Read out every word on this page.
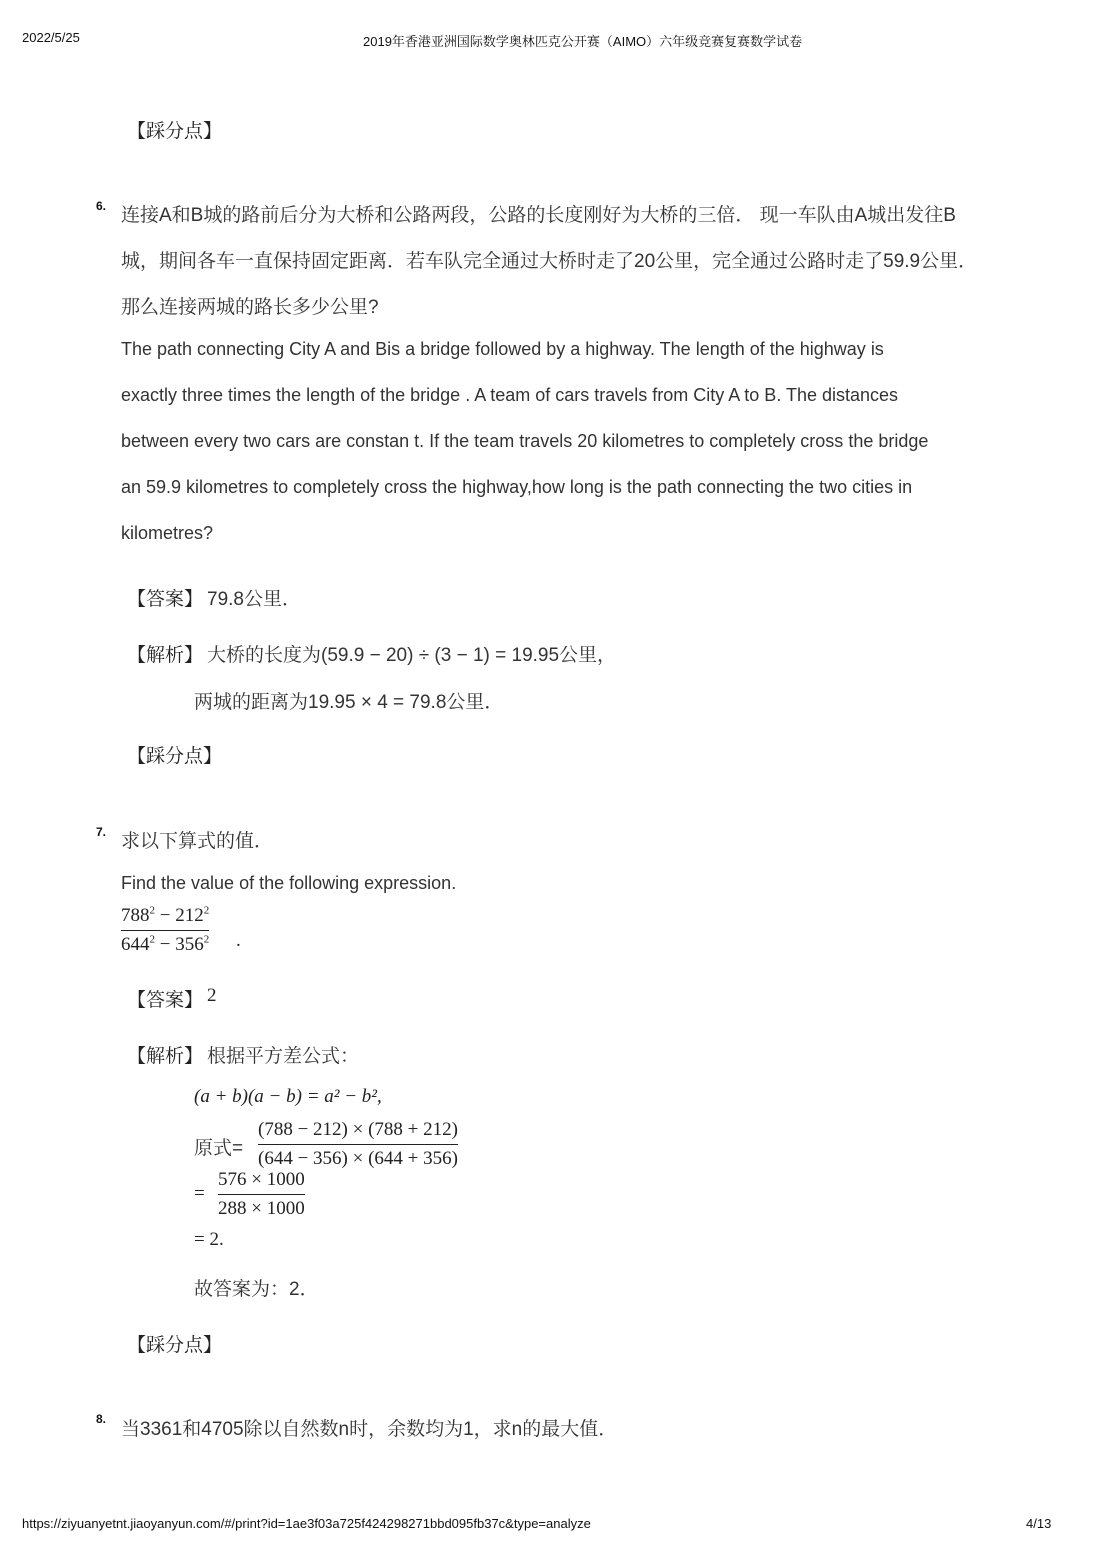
2022/5/25	2019年香港亚洲国际数学奥林匹克公开赛（AIMO）六年级竞赛复赛数学试卷
【踩分点】
6. 连接A和B城的路前后分为大桥和公路两段，公路的长度刚好为大桥的三倍． 现一车队由A城出发往B
城，期间各车一直保持固定距离．若车队完全通过大桥时走了20公里，完全通过公路时走了59.9公里．
那么连接两城的路长多少公里?
The path connecting City A and Bis a bridge followed by a highway. The length of the highway is
exactly three times the length of the bridge . A team of cars travels from City A to B. The distances
between every two cars are constan t. If the team travels 20 kilometres to completely cross the bridge
an 59.9 kilometres to completely cross the highway,how long is the path connecting the two cities in
kilometres?
【答案】 79.8公里．
【解析】 大桥的长度为(59.9 − 20) ÷ (3 − 1) = 19.95公里，
两城的距离为19.95 × 4 = 79.8公里．
【踩分点】
7. 求以下算式的值．
Find the value of the following expression.
$788^2 - 212^2$
$644^2 - 356^2$ .
【答案】 2
【解析】 根据平方差公式：
(a + b)(a − b) = a² − b²,
原式=
(788 − 212) × (788 + 212)
(644 − 356) × (644 + 356)
=
576 × 1000
288 × 1000
= 2.
故答案为：2．
【踩分点】
8. 当3361和4705除以自然数n时，余数均为1，求n的最大值．
https://ziyuanyetnt.jiaoyanyun.com/#/print?id=1ae3f03a725f424298271bbd095fb37c&type=analyze	4/13
